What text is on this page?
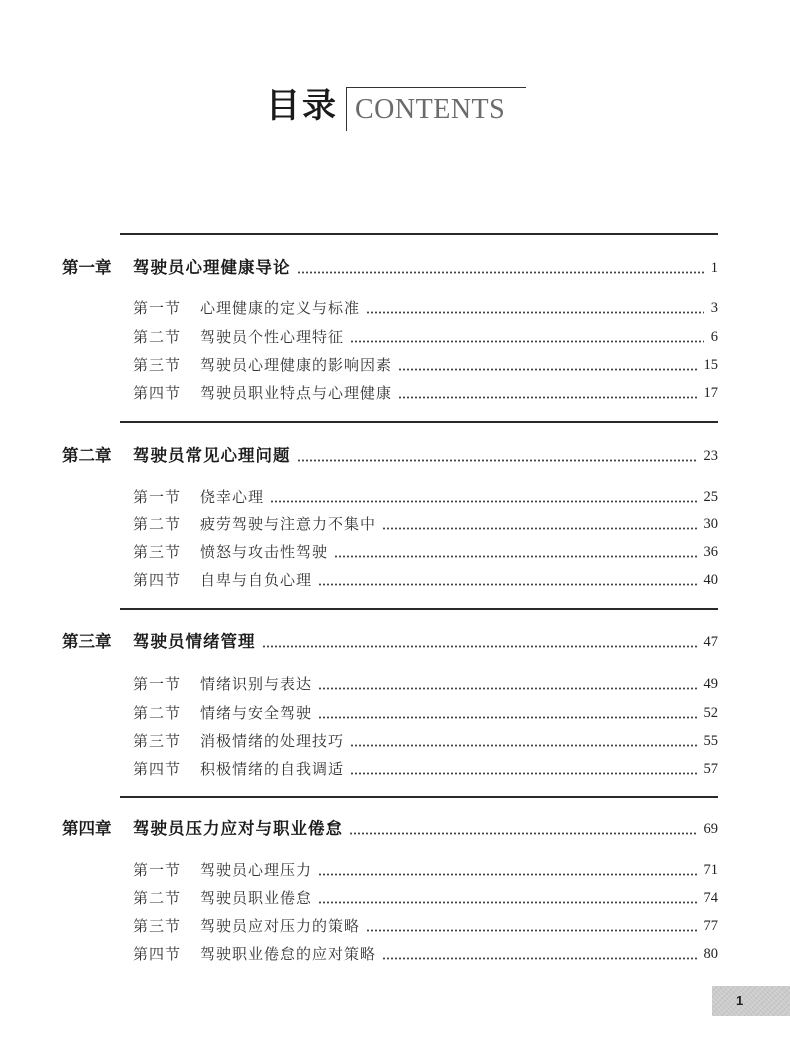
目录 CONTENTS
第一章	驾驶员心理健康导论	1
第一节	心理健康的定义与标准	3
第二节	驾驶员个性心理特征	6
第三节	驾驶员心理健康的影响因素	15
第四节	驾驶员职业特点与心理健康	17
第二章	驾驶员常见心理问题	23
第一节	侥幸心理	25
第二节	疲劳驾驶与注意力不集中	30
第三节	愤怒与攻击性驾驶	36
第四节	自卑与自负心理	40
第三章	驾驶员情绪管理	47
第一节	情绪识别与表达	49
第二节	情绪与安全驾驶	52
第三节	消极情绪的处理技巧	55
第四节	积极情绪的自我调适	57
第四章	驾驶员压力应对与职业倦怠	69
第一节	驾驶员心理压力	71
第二节	驾驶员职业倦怠	74
第三节	驾驶员应对压力的策略	77
第四节	驾驶职业倦怠的应对策略	80
1
